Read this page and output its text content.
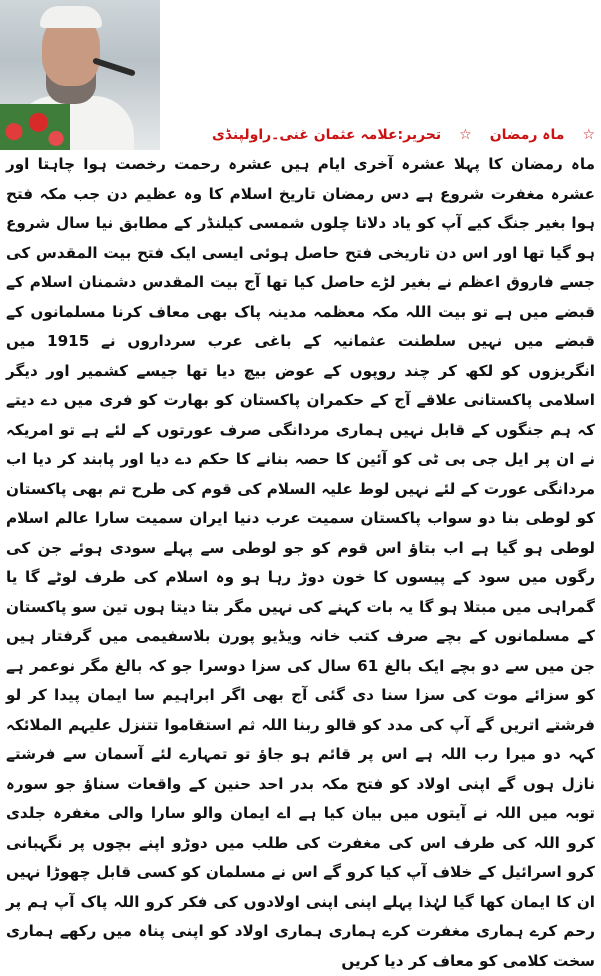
☆
ماہ رمضان
☆
تحریر:علامہ عثمان غنی۔راولپنڈی

ماہ رمضان کا پہلا عشرہ آخری ایام ہیں عشرہ رحمت رخصت ہوا چاہتا اور عشرہ مغفرت شروع ہے دس رمضان تاریخ اسلام کا وہ عظیم دن جب مکہ فتح ہوا بغیر جنگ کیے آپ کو یاد دلاتا چلوں شمسی کیلنڈر کے مطابق نیا سال شروع ہو گیا تھا اور اس دن تاریخی فتح حاصل ہوئی ایسی ایک فتح بیت المقدس کی جسے فاروق اعظم نے بغیر لڑے حاصل کیا تھا آج بیت المقدس دشمنان اسلام کے قبضے میں ہے تو بیت اللہ مکہ معظمہ مدینہ پاک بھی معاف کرنا مسلمانوں کے قبضے میں نہیں سلطنت عثمانیہ کے باغی عرب سرداروں نے 1915 میں انگریزوں کو لکھ کر چند روپوں کے عوض بیچ دیا تھا جیسے کشمیر اور دیگر اسلامی پاکستانی علاقے آج کے حکمران پاکستان کو بھارت کو فری میں دے دیتے کہ ہم جنگوں کے قابل نہیں ہماری مردانگی صرف عورتوں کے لئے ہے تو امریکہ نے ان پر ایل جی بی ٹی کو آئین کا حصہ بنانے کا حکم دے دیا اور پابند کر دیا اب مردانگی عورت کے لئے نہیں لوط علیہ السلام کی قوم کی طرح تم بھی پاکستان کو لوطی بنا دو سواب پاکستان سمیت عرب دنیا ایران سمیت سارا عالم اسلام لوطی ہو گیا ہے اب بتاؤ اس قوم کو جو لوطی سے پہلے سودی ہوئے جن کی رگوں میں سود کے پیسوں کا خون دوڑ رہا ہو وہ اسلام کی طرف لوٹے گا یا گمراہی میں مبتلا ہو گا یہ بات کہنے کی نہیں مگر بتا دیتا ہوں تین سو پاکستان کے مسلمانوں کے بچے صرف کتب خانہ ویڈیو پورن بلاسفیمی میں گرفتار ہیں جن میں سے دو بچے ایک بالغ 61 سال کی سزا دوسرا جو کہ بالغ مگر نوعمر ہے کو سزائے موت کی سزا سنا دی گئی آج بھی اگر ابراہیم سا ایمان پیدا کر لو فرشتے اتریں گے آپ کی مدد کو قالو ربنا اللہ ثم استقاموا تتنزل علیہم الملائکہ کہہ دو میرا رب اللہ ہے اس پر قائم ہو جاؤ تو تمہارے لئے آسمان سے فرشتے نازل ہوں گے اپنی اولاد کو فتح مکہ بدر احد حنین کے واقعات سناؤ جو سورہ توبہ میں اللہ نے آیتوں میں بیان کیا ہے اے ایمان والو سارا والی مغفرہ جلدی کرو اللہ کی طرف اس کی مغفرت کی طلب میں دوڑو اپنے بچوں پر نگہبانی کرو اسرائیل کے خلاف آپ کیا کرو گے اس نے مسلمان کو کسی قابل چھوڑا نہیں ان کا ایمان کھا گیا لہٰذا پہلے اپنی اپنی اولادوں کی فکر کرو اللہ پاک آپ ہم پر رحم کرے ہماری مغفرت کرے ہماری ہماری اولاد کو اپنی پناہ میں رکھے ہماری سخت کلامی کو معاف کر دیا کریں
